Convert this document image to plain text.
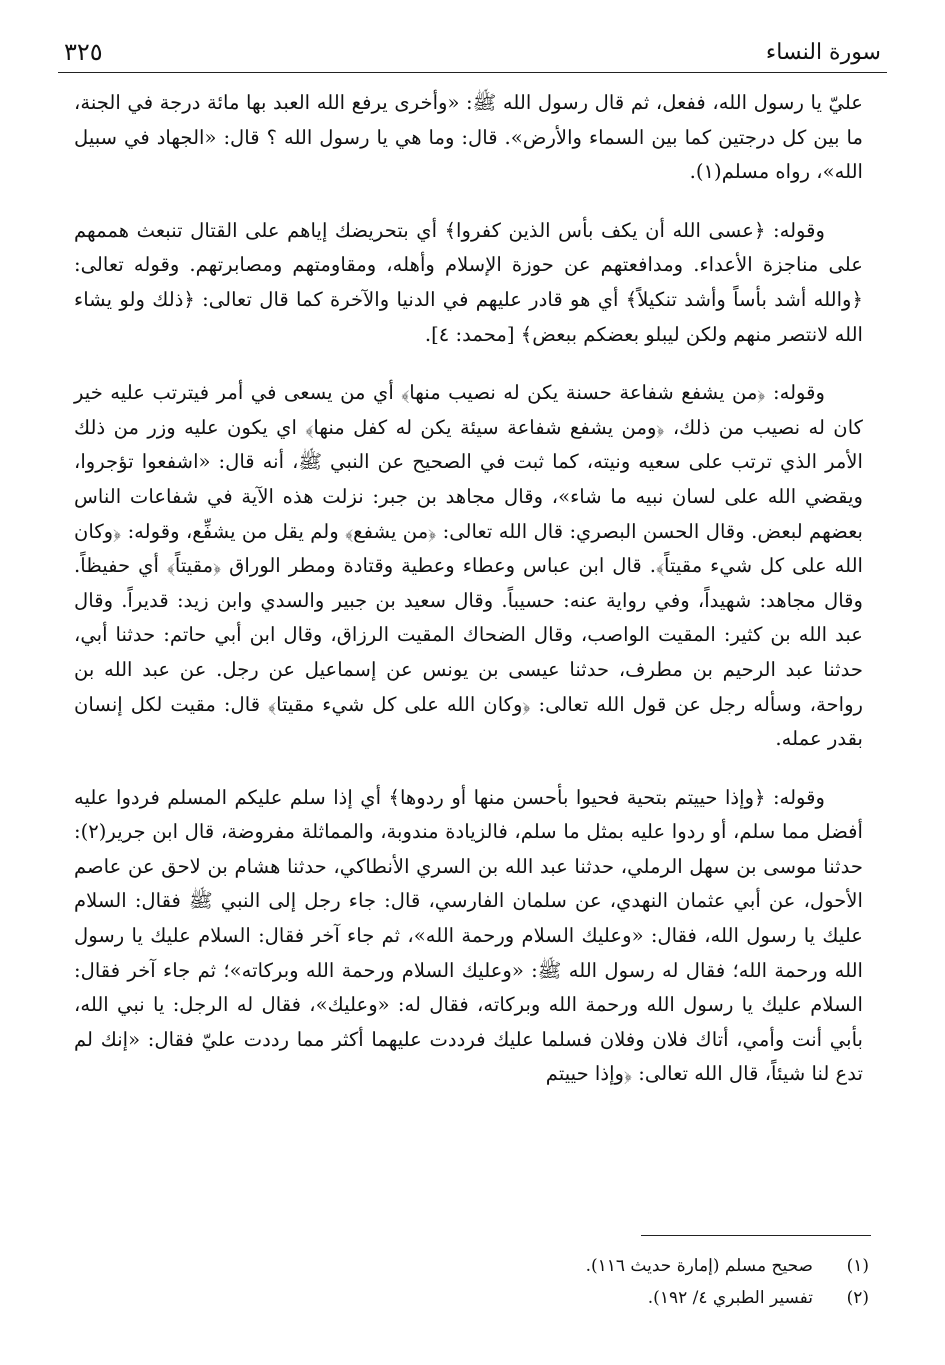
سورة النساء
٣٢٥

عليّ يا رسول الله، ففعل، ثم قال رسول الله ﷺ: «وأخرى يرفع الله العبد بها مائة درجة في الجنة، ما بين كل درجتين كما بين السماء والأرض». قال: وما هي يا رسول الله ؟ قال: «الجهاد في سبيل الله»، رواه مسلم(١).

وقوله: ﴿عسى الله أن يكف بأس الذين كفروا﴾ أي بتحريضك إياهم على القتال تنبعث هممهم على مناجزة الأعداء. ومدافعتهم عن حوزة الإسلام وأهله، ومقاومتهم ومصابرتهم. وقوله تعالى: ﴿والله أشد بأساً وأشد تنكيلاً﴾ أي هو قادر عليهم في الدنيا والآخرة كما قال تعالى: ﴿ذلك ولو يشاء الله لانتصر منهم ولكن ليبلو بعضكم ببعض﴾ [محمد: ٤].

وقوله: ﴿من يشفع شفاعة حسنة يكن له نصيب منها﴾ أي من يسعى في أمر فيترتب عليه خير كان له نصيب من ذلك، ﴿ومن يشفع شفاعة سيئة يكن له كفل منها﴾ اي يكون عليه وزر من ذلك الأمر الذي ترتب على سعيه ونيته، كما ثبت في الصحيح عن النبي ﷺ، أنه قال: «اشفعوا تؤجروا، ويقضي الله على لسان نبيه ما شاء»، وقال مجاهد بن جبر: نزلت هذه الآية في شفاعات الناس بعضهم لبعض. وقال الحسن البصري: قال الله تعالى: ﴿من يشفع﴾ ولم يقل من يشفِّع، وقوله: ﴿وكان الله على كل شيء مقيتاً﴾. قال ابن عباس وعطاء وعطية وقتادة ومطر الوراق ﴿مقيتاً﴾ أي حفيظاً. وقال مجاهد: شهيداً، وفي رواية عنه: حسيباً. وقال سعيد بن جبير والسدي وابن زيد: قديراً. وقال عبد الله بن كثير: المقيت الواصب، وقال الضحاك المقيت الرزاق، وقال ابن أبي حاتم: حدثنا أبي، حدثنا عبد الرحيم بن مطرف، حدثنا عيسى بن يونس عن إسماعيل عن رجل. عن عبد الله بن رواحة، وسأله رجل عن قول الله تعالى: ﴿وكان الله على كل شيء مقيتا﴾ قال: مقيت لكل إنسان بقدر عمله.

وقوله: ﴿وإذا حييتم بتحية فحيوا بأحسن منها أو ردوها﴾ أي إذا سلم عليكم المسلم فردوا عليه أفضل مما سلم، أو ردوا عليه بمثل ما سلم، فالزيادة مندوبة، والمماثلة مفروضة، قال ابن جرير(٢): حدثنا موسى بن سهل الرملي، حدثنا عبد الله بن السري الأنطاكي، حدثنا هشام بن لاحق عن عاصم الأحول، عن أبي عثمان النهدي، عن سلمان الفارسي، قال: جاء رجل إلى النبي ﷺ فقال: السلام عليك يا رسول الله، فقال: «وعليك السلام ورحمة الله»، ثم جاء آخر فقال: السلام عليك يا رسول الله ورحمة الله؛ فقال له رسول الله ﷺ: «وعليك السلام ورحمة الله وبركاته»؛ ثم جاء آخر فقال: السلام عليك يا رسول الله ورحمة الله وبركاته، فقال له: «وعليك»، فقال له الرجل: يا نبي الله، بأبي أنت وأمي، أتاك فلان وفلان فسلما عليك فرددت عليهما أكثر مما رددت عليّ فقال: «إنك لم تدع لنا شيئاً، قال الله تعالى: ﴿وإذا حييتم

(١)صحيح مسلم (إمارة حديث ١١٦).

(٢)تفسير الطبري ٤/ ١٩٢).
